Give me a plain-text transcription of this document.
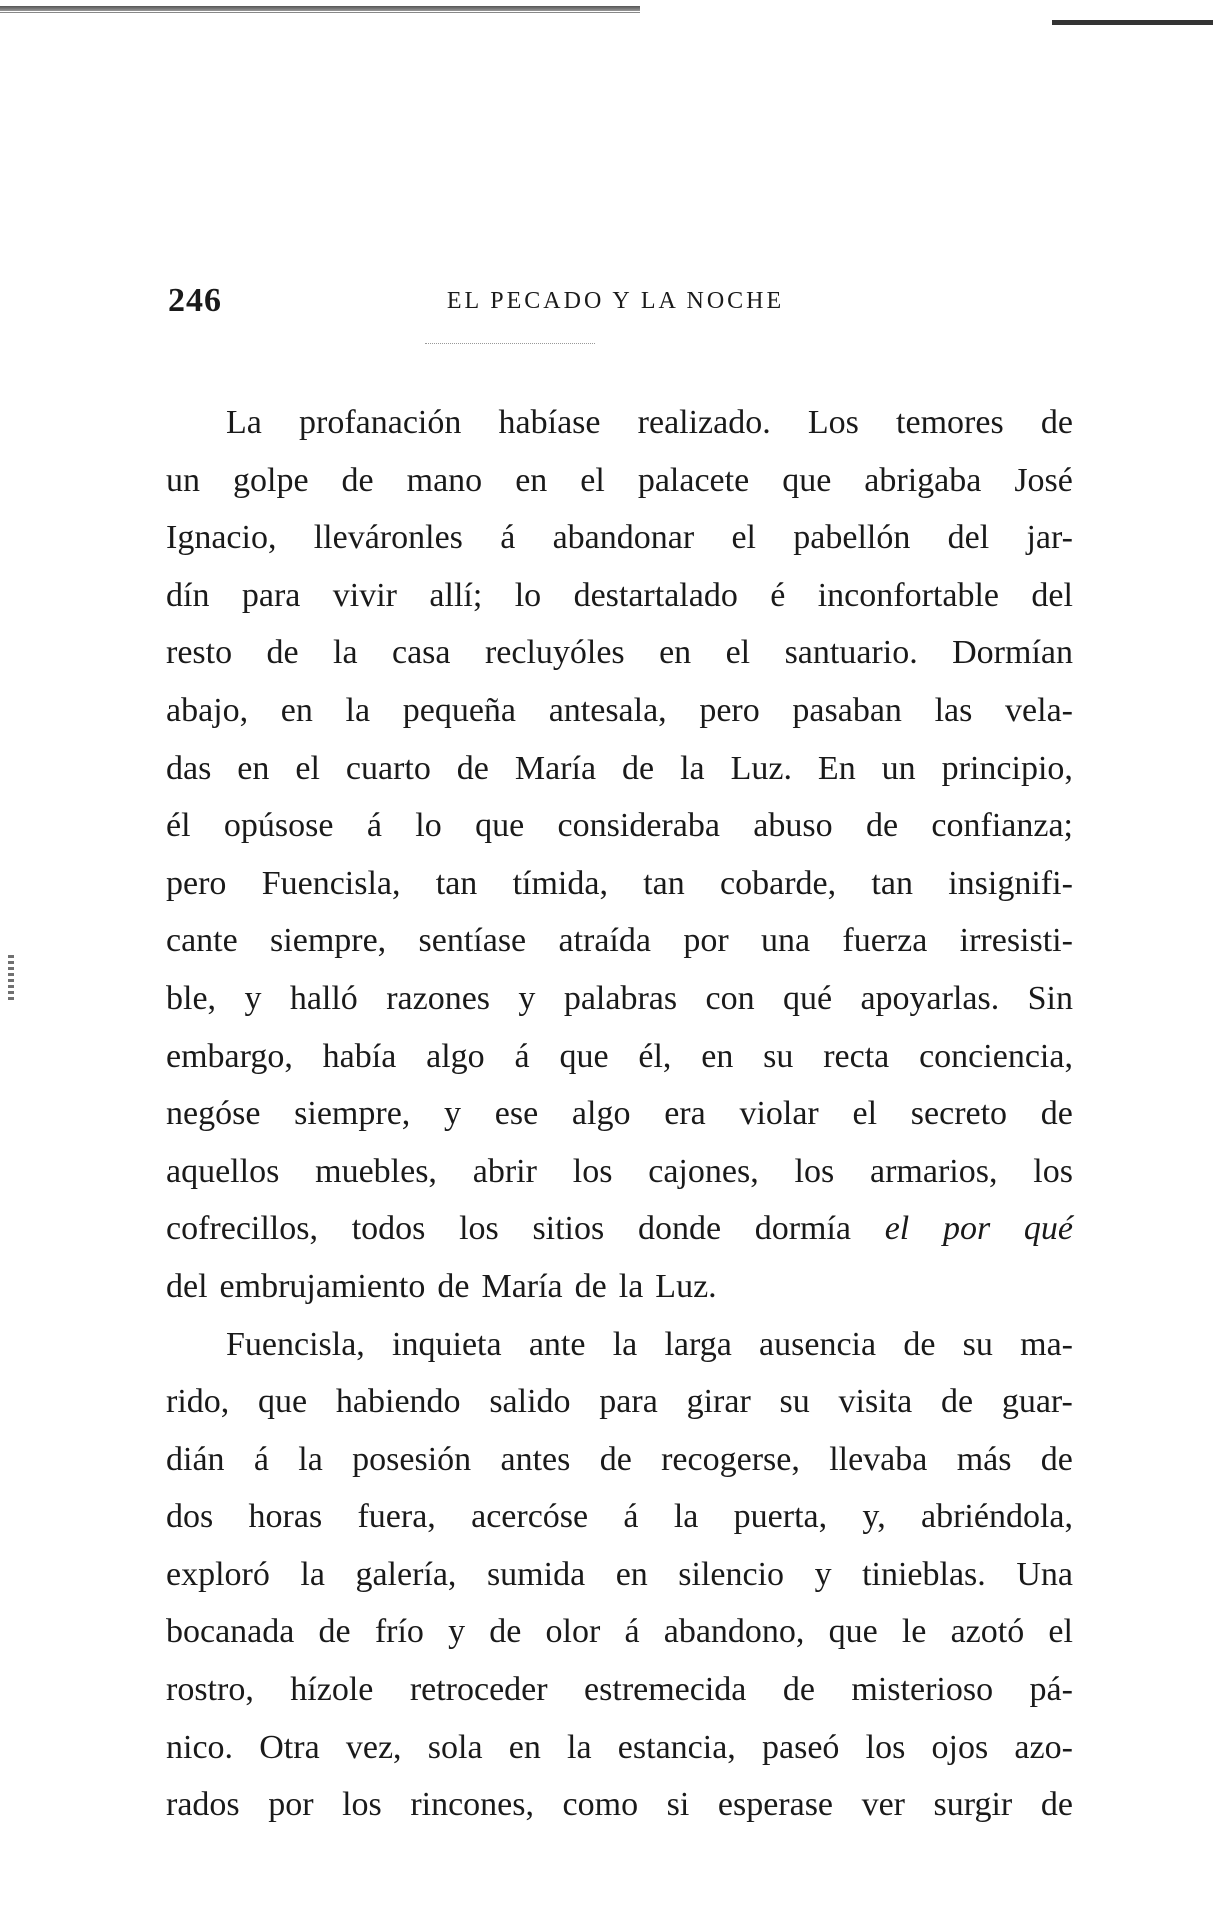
246	EL PECADO Y LA NOCHE
La profanación habíase realizado. Los temores de
un golpe de mano en el palacete que abrigaba José
Ignacio, lleváronles á abandonar el pabellón del jar-
dín para vivir allí; lo destartalado é inconfortable del
resto de la casa recluyóles en el santuario. Dormían
abajo, en la pequeña antesala, pero pasaban las vela-
das en el cuarto de María de la Luz. En un principio,
él opúsose á lo que consideraba abuso de confianza;
pero Fuencisla, tan tímida, tan cobarde, tan insignifi-
cante siempre, sentíase atraída por una fuerza irresisti-
ble, y halló razones y palabras con qué apoyarlas. Sin
embargo, había algo á que él, en su recta conciencia,
negóse siempre, y ese algo era violar el secreto de
aquellos muebles, abrir los cajones, los armarios, los
cofrecillos, todos los sitios donde dormía el por qué
del embrujamiento de María de la Luz.
Fuencisla, inquieta ante la larga ausencia de su ma-
rido, que habiendo salido para girar su visita de guar-
dián á la posesión antes de recogerse, llevaba más de
dos horas fuera, acercóse á la puerta, y, abriéndola,
exploró la galería, sumida en silencio y tinieblas. Una
bocanada de frío y de olor á abandono, que le azotó el
rostro, hízole retroceder estremecida de misterioso pá-
nico. Otra vez, sola en la estancia, paseó los ojos azo-
rados por los rincones, como si esperase ver surgir de
